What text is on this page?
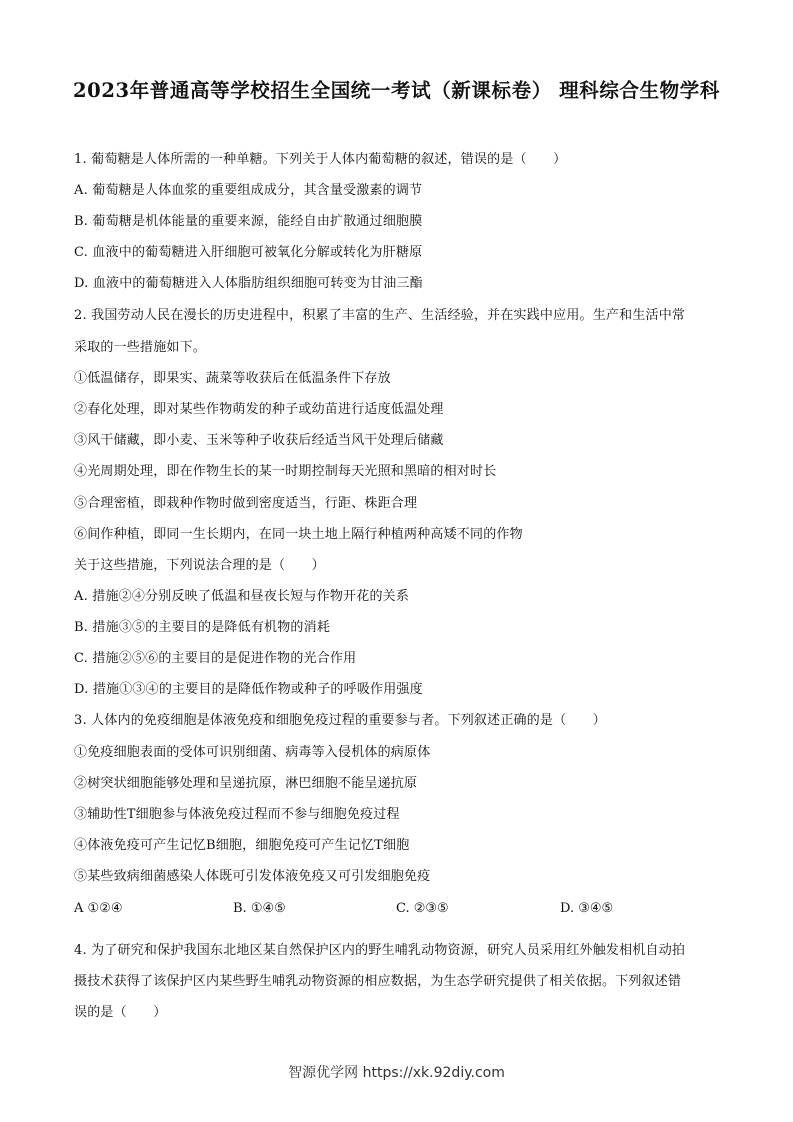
2023年普通高等学校招生全国统一考试（新课标卷） 理科综合生物学科
1. 葡萄糖是人体所需的一种单糖。下列关于人体内葡萄糖的叙述，错误的是（　　）
A. 葡萄糖是人体血浆的重要组成成分，其含量受激素的调节
B. 葡萄糖是机体能量的重要来源，能经自由扩散通过细胞膜
C. 血液中的葡萄糖进入肝细胞可被氧化分解或转化为肝糖原
D. 血液中的葡萄糖进入人体脂肪组织细胞可转变为甘油三酯
2. 我国劳动人民在漫长的历史进程中，积累了丰富的生产、生活经验，并在实践中应用。生产和生活中常
采取的一些措施如下。
①低温储存，即果实、蔬菜等收获后在低温条件下存放
②春化处理，即对某些作物萌发的种子或幼苗进行适度低温处理
③风干储藏，即小麦、玉米等种子收获后经适当风干处理后储藏
④光周期处理，即在作物生长的某一时期控制每天光照和黑暗的相对时长
⑤合理密植，即栽种作物时做到密度适当，行距、株距合理
⑥间作种植，即同一生长期内，在同一块土地上隔行种植两种高矮不同的作物
关于这些措施，下列说法合理的是（　　）
A. 措施②④分别反映了低温和昼夜长短与作物开花的关系
B. 措施③⑤的主要目的是降低有机物的消耗
C. 措施②⑤⑥的主要目的是促进作物的光合作用
D. 措施①③④的主要目的是降低作物或种子的呼吸作用强度
3. 人体内的免疫细胞是体液免疫和细胞免疫过程的重要参与者。下列叙述正确的是（　　）
①免疫细胞表面的受体可识别细菌、病毒等入侵机体的病原体
②树突状细胞能够处理和呈递抗原，淋巴细胞不能呈递抗原
③辅助性T细胞参与体液免疫过程而不参与细胞免疫过程
④体液免疫可产生记忆B细胞，细胞免疫可产生记忆T细胞
⑤某些致病细菌感染人体既可引发体液免疫又可引发细胞免疫
A ①②④	B. ①④⑤	C. ②③⑤	D. ③④⑤
4. 为了研究和保护我国东北地区某自然保护区内的野生哺乳动物资源，研究人员采用红外触发相机自动拍
摄技术获得了该保护区内某些野生哺乳动物资源的相应数据，为生态学研究提供了相关依据。下列叙述错
误的是（　　）
智源优学网 https://xk.92diy.com
